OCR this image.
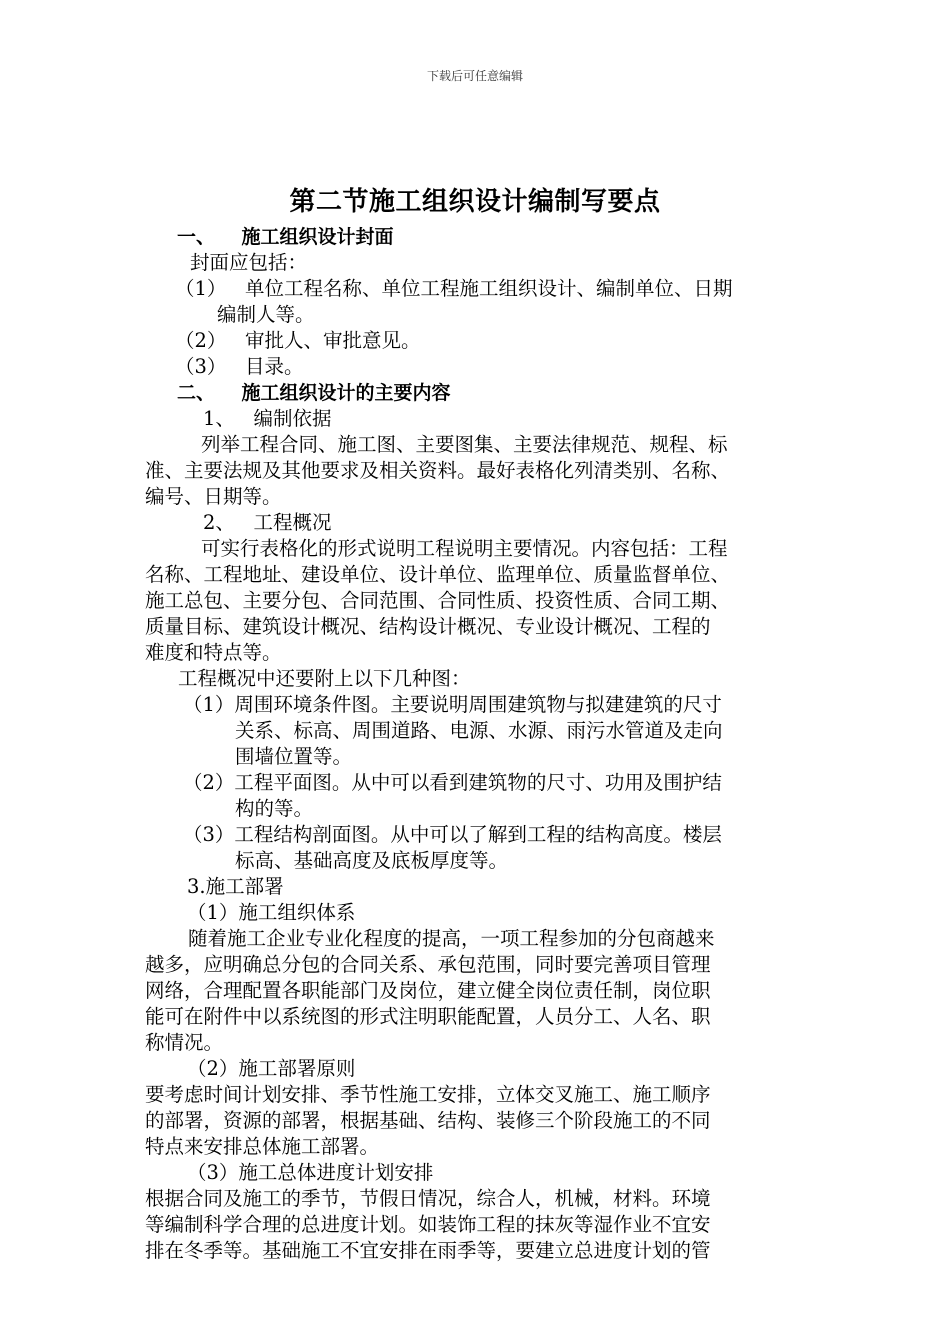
下载后可任意编辑
第二节施工组织设计编制写要点
一、    施工组织设计封面
封面应包括：
（1）   单位工程名称、单位工程施工组织设计、编制单位、日期
编制人等。
（2）   审批人、审批意见。
（3）   目录。
二、    施工组织设计的主要内容
1、   编制依据
列举工程合同、施工图、主要图集、主要法律规范、规程、标
准、主要法规及其他要求及相关资料。最好表格化列清类别、名称、
编号、日期等。
2、   工程概况
可实行表格化的形式说明工程说明主要情况。内容包括：工程
名称、工程地址、建设单位、设计单位、监理单位、质量监督单位、
施工总包、主要分包、合同范围、合同性质、投资性质、合同工期、
质量目标、建筑设计概况、结构设计概况、专业设计概况、工程的
难度和特点等。
工程概况中还要附上以下几种图：
（1）周围环境条件图。主要说明周围建筑物与拟建建筑的尺寸
关系、标高、周围道路、电源、水源、雨污水管道及走向
围墙位置等。
（2）工程平面图。从中可以看到建筑物的尺寸、功用及围护结
构的等。
（3）工程结构剖面图。从中可以了解到工程的结构高度。楼层
标高、基础高度及底板厚度等。
3.施工部署
（1）施工组织体系
随着施工企业专业化程度的提高，一项工程参加的分包商越来
越多，应明确总分包的合同关系、承包范围，同时要完善项目管理
网络，合理配置各职能部门及岗位，建立健全岗位责任制，岗位职
能可在附件中以系统图的形式注明职能配置，人员分工、人名、职
称情况。
（2）施工部署原则
要考虑时间计划安排、季节性施工安排，立体交叉施工、施工顺序
的部署，资源的部署，根据基础、结构、装修三个阶段施工的不同
特点来安排总体施工部署。
（3）施工总体进度计划安排
根据合同及施工的季节，节假日情况，综合人，机械，材料。环境
等编制科学合理的总进度计划。如装饰工程的抹灰等湿作业不宜安
排在冬季等。基础施工不宜安排在雨季等，要建立总进度计划的管
